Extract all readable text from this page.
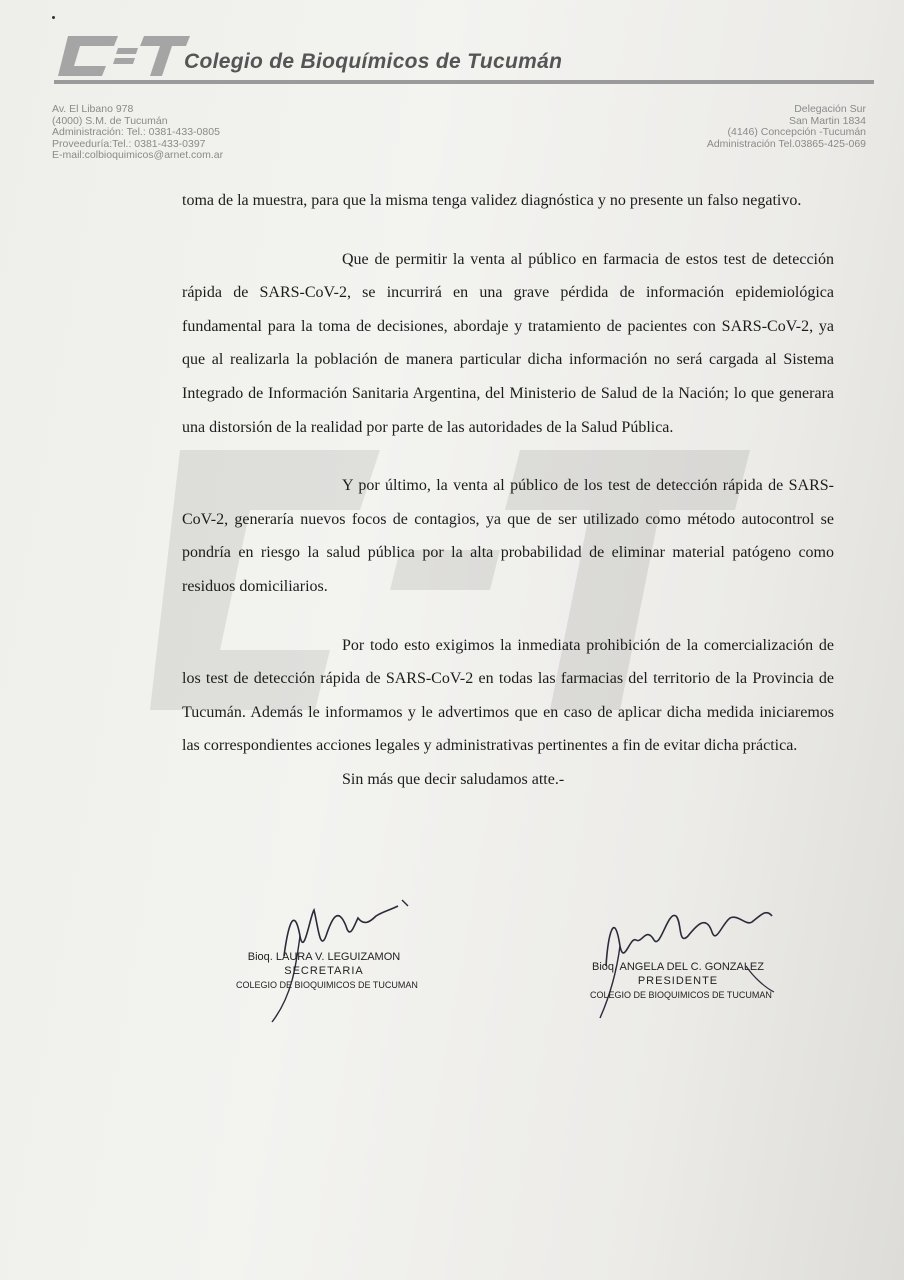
Colegio de Bioquímicos de Tucumán
Av. El Libano 978
(4000) S.M. de Tucumán
Administración: Tel.: 0381-433-0805
Proveeduría:Tel.: 0381-433-0397
E-mail:colbioquimicos@arnet.com.ar
Delegación Sur
San Martin 1834
(4146) Concepción -Tucumán
Administración Tel.03865-425-069

toma de la muestra, para que la misma tenga validez diagnóstica y no presente un falso negativo.

Que de permitir la venta al público en farmacia de estos test de detección rápida de SARS-CoV-2, se incurrirá en una grave pérdida de información epidemiológica fundamental para la toma de decisiones, abordaje y tratamiento de pacientes con SARS-CoV-2, ya que al realizarla la población de manera particular dicha información no será cargada al Sistema Integrado de Información Sanitaria Argentina, del Ministerio de Salud de la Nación; lo que generara una distorsión de la realidad por parte de las autoridades de la Salud Pública.

Y por último, la venta al público de los test de detección rápida de SARS-CoV-2, generaría nuevos focos de contagios, ya que de ser utilizado como método autocontrol se pondría en riesgo la salud pública por la alta probabilidad de eliminar material patógeno como residuos domiciliarios.

Por todo esto exigimos la inmediata prohibición de la comercialización de los test de detección rápida de SARS-CoV-2 en todas las farmacias del territorio de la Provincia de Tucumán. Además le informamos y le advertimos que en caso de aplicar dicha medida iniciaremos las correspondientes acciones legales y administrativas pertinentes a fin de evitar dicha práctica.

Sin más que decir saludamos atte.-

Bioq. LAURA V. LEGUIZAMON
SECRETARIA
COLEGIO DE BIOQUIMICOS DE TUCUMAN
Bioq. ANGELA DEL C. GONZALEZ
PRESIDENTE
COLEGIO DE BIOQUIMICOS DE TUCUMAN
